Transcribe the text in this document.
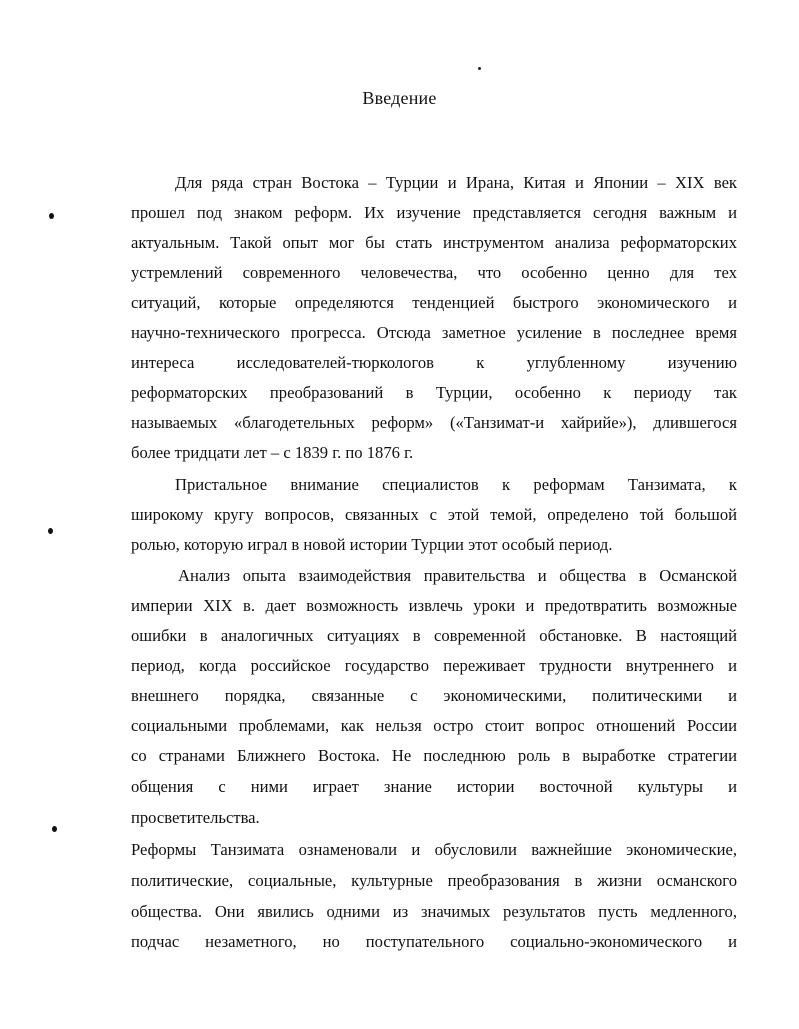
Введение
Для ряда стран Востока – Турции и Ирана, Китая и Японии – XIX век
прошел под знаком реформ. Их изучение представляется сегодня важным и
актуальным. Такой опыт мог бы стать инструментом анализа реформаторских
устремлений современного человечества, что особенно ценно для тех
ситуаций, которые определяются тенденцией быстрого экономического и
научно-технического прогресса. Отсюда заметное усиление в последнее время
интереса исследователей-тюркологов к углубленному изучению
реформаторских преобразований в Турции, особенно к периоду так
называемых «благодетельных реформ» («Танзимат-и хайрийе»), длившегося
более тридцати лет – с 1839 г. по 1876 г.
Пристальное внимание специалистов к реформам Танзимата, к
широкому кругу вопросов, связанных с этой темой, определено той большой
ролью, которую играл в новой истории Турции этот особый период.
Анализ опыта взаимодействия правительства и общества в Османской
империи XIX в. дает возможность извлечь уроки и предотвратить возможные
ошибки в аналогичных ситуациях в современной обстановке. В настоящий
период, когда российское государство переживает трудности внутреннего и
внешнего порядка, связанные с экономическими, политическими и
социальными проблемами, как нельзя остро стоит вопрос отношений России
со странами Ближнего Востока. Не последнюю роль в выработке стратегии
общения с ними играет знание истории восточной культуры и
просветительства.
Реформы Танзимата ознаменовали и обусловили важнейшие экономические,
политические, социальные, культурные преобразования в жизни османского
общества. Они явились одними из значимых результатов пусть медленного,
подчас незаметного, но поступательного социально-экономического и
